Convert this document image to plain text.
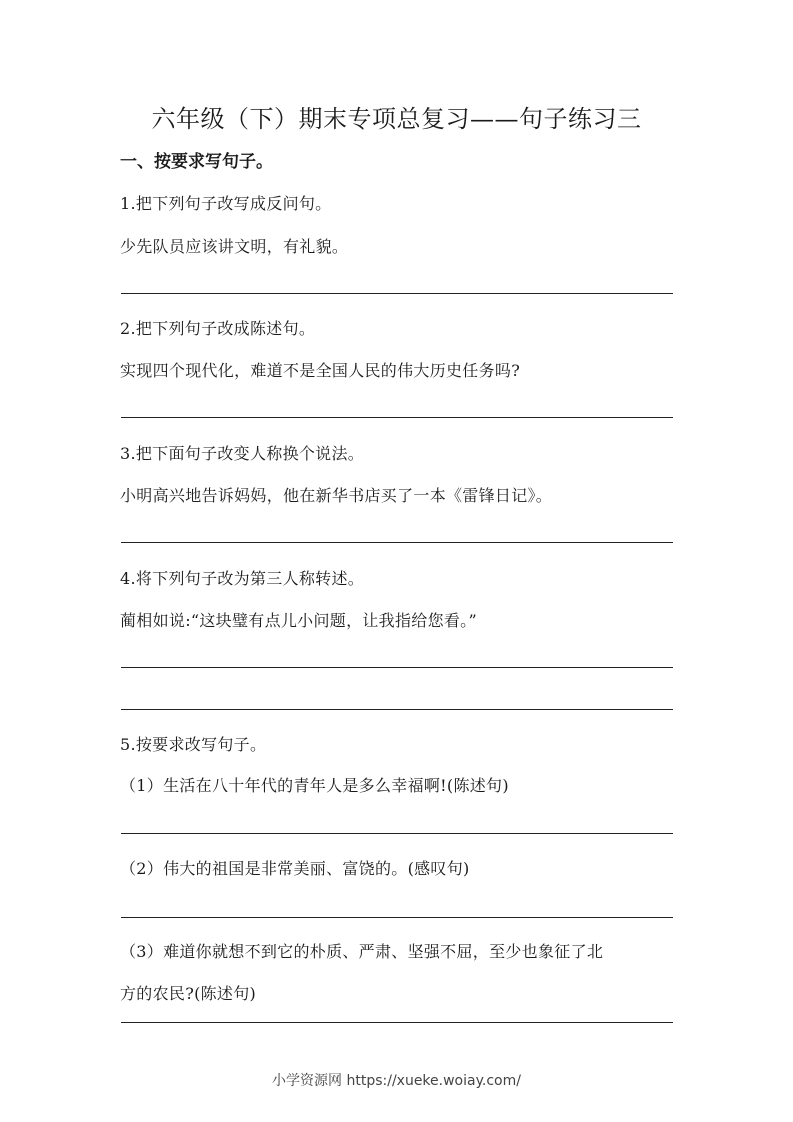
六年级（下）期末专项总复习——句子练习三
一、按要求写句子。
1.把下列句子改写成反问句。
少先队员应该讲文明，有礼貌。
2.把下列句子改成陈述句。
实现四个现代化，难道不是全国人民的伟大历史任务吗?
3.把下面句子改变人称换个说法。
小明高兴地告诉妈妈，他在新华书店买了一本《雷锋日记》。
4.将下列句子改为第三人称转述。
蔺相如说:“这块璧有点儿小问题，让我指给您看。”
5.按要求改写句子。
（1）生活在八十年代的青年人是多么幸福啊!(陈述句)
（2）伟大的祖国是非常美丽、富饶的。(感叹句)
（3）难道你就想不到它的朴质、严肃、坚强不屈，至少也象征了北
方的农民?(陈述句)
小学资源网 https://xueke.woiay.com/
